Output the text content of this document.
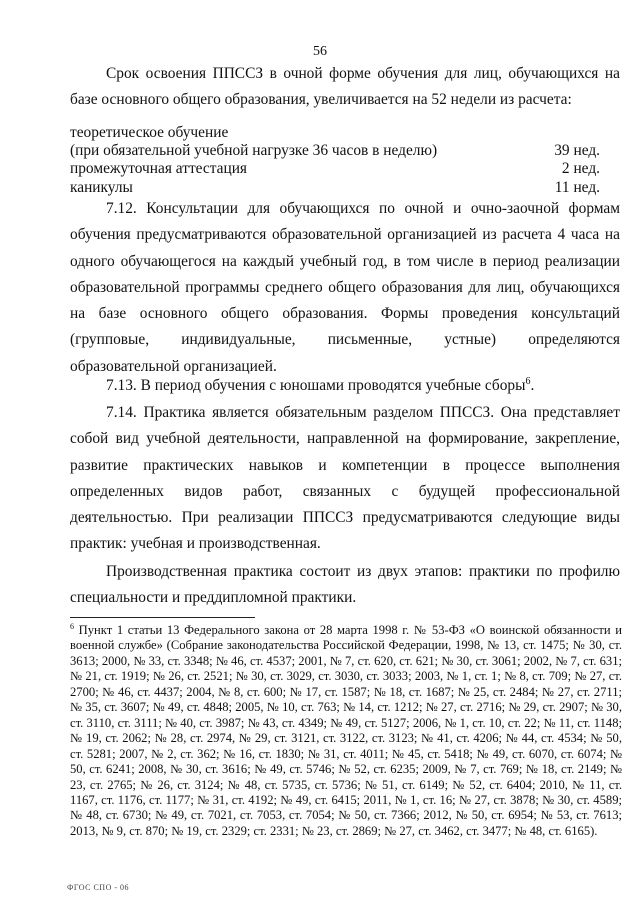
56

Срок освоения ППССЗ в очной форме обучения для лиц, обучающихся на базе основного общего образования, увеличивается на 52 недели из расчета:

теоретическое обучение
(при обязательной учебной нагрузке 36 часов в неделю)	39 нед.
промежуточная аттестация	2 нед.
каникулы	11 нед.

7.12. Консультации для обучающихся по очной и очно-заочной формам обучения предусматриваются образовательной организацией из расчета 4 часа на одного обучающегося на каждый учебный год, в том числе в период реализации образовательной программы среднего общего образования для лиц, обучающихся на базе основного общего образования. Формы проведения консультаций (групповые, индивидуальные, письменные, устные) определяются образовательной организацией.

7.13. В период обучения с юношами проводятся учебные сборы$^6$.

7.14. Практика является обязательным разделом ППССЗ. Она представляет собой вид учебной деятельности, направленной на формирование, закрепление, развитие практических навыков и компетенции в процессе выполнения определенных видов работ, связанных с будущей профессиональной деятельностью. При реализации ППССЗ предусматриваются следующие виды практик: учебная и производственная.

Производственная практика состоит из двух этапов: практики по профилю специальности и преддипломной практики.

$^6$ Пункт 1 статьи 13 Федерального закона от 28 марта 1998 г. № 53-ФЗ «О воинской обязанности и военной службе» (Собрание законодательства Российской Федерации, 1998, № 13, ст. 1475; № 30, ст. 3613; 2000, № 33, ст. 3348; № 46, ст. 4537; 2001, № 7, ст. 620, ст. 621; № 30, ст. 3061; 2002, № 7, ст. 631; № 21, ст. 1919; № 26, ст. 2521; № 30, ст. 3029, ст. 3030, ст. 3033; 2003, № 1, ст. 1; № 8, ст. 709; № 27, ст. 2700; № 46, ст. 4437; 2004, № 8, ст. 600; № 17, ст. 1587; № 18, ст. 1687; № 25, ст. 2484; № 27, ст. 2711; № 35, ст. 3607; № 49, ст. 4848; 2005, № 10, ст. 763; № 14, ст. 1212; № 27, ст. 2716; № 29, ст. 2907; № 30, ст. 3110, ст. 3111; № 40, ст. 3987; № 43, ст. 4349; № 49, ст. 5127; 2006, № 1, ст. 10, ст. 22; № 11, ст. 1148; № 19, ст. 2062; № 28, ст. 2974, № 29, ст. 3121, ст. 3122, ст. 3123; № 41, ст. 4206; № 44, ст. 4534; № 50, ст. 5281; 2007, № 2, ст. 362; № 16, ст. 1830; № 31, ст. 4011; № 45, ст. 5418; № 49, ст. 6070, ст. 6074; № 50, ст. 6241; 2008, № 30, ст. 3616; № 49, ст. 5746; № 52, ст. 6235; 2009, № 7, ст. 769; № 18, ст. 2149; № 23, ст. 2765; № 26, ст. 3124; № 48, ст. 5735, ст. 5736; № 51, ст. 6149; № 52, ст. 6404; 2010, № 11, ст. 1167, ст. 1176, ст. 1177; № 31, ст. 4192; № 49, ст. 6415; 2011, № 1, ст. 16; № 27, ст. 3878; № 30, ст. 4589; № 48, ст. 6730; № 49, ст. 7021, ст. 7053, ст. 7054; № 50, ст. 7366; 2012, № 50, ст. 6954; № 53, ст. 7613; 2013, № 9, ст. 870; № 19, ст. 2329; ст. 2331; № 23, ст. 2869; № 27, ст. 3462, ст. 3477; № 48, ст. 6165).

ФГОС СПО - 06
